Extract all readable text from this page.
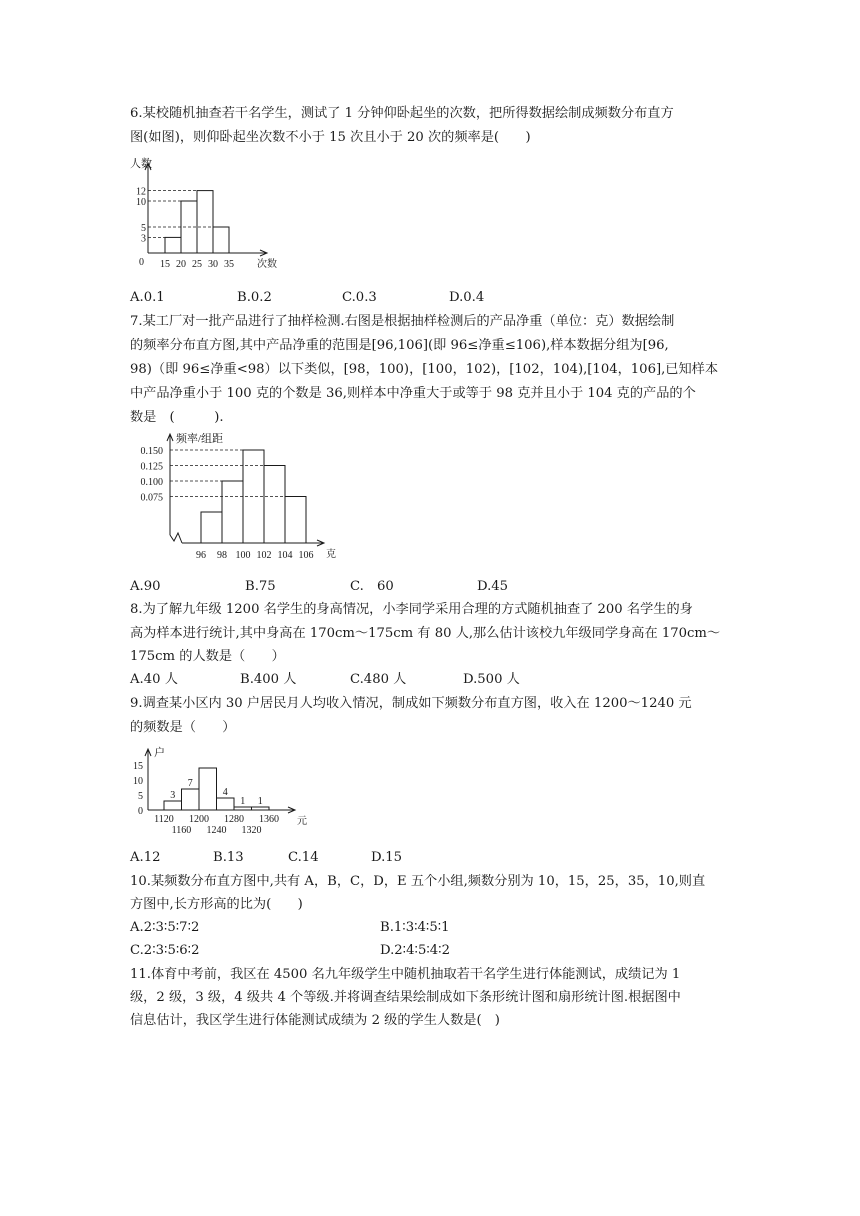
6.某校随机抽查若干名学生，测试了 1 分钟仰卧起坐的次数，把所得数据绘制成频数分布直方
图(如图)，则仰卧起坐次数不小于 15 次且小于 20 次的频率是(　　)
人数
次数
0
3
5
10
12
15 20 25 30 35
A.0.1	B.0.2	C.0.3	D.0.4
7.某工厂对一批产品进行了抽样检测.右图是根据抽样检测后的产品净重（单位：克）数据绘制
的频率分布直方图,其中产品净重的范围是[96,106](即 96≤净重≤106),样本数据分组为[96,
98)（即 96≤净重<98）以下类似，[98，100)，[100，102)，[102，104),[104，106],已知样本
中产品净重小于 100 克的个数是 36,则样本中净重大于或等于 98 克并且小于 104 克的产品的个
数是　(　　　).
频率/组距
克
0.075
0.100
0.125
0.150
96 98 100 102 104 106
A.90	B.75	C.　60	D.45
8.为了解九年级 1200 名学生的身高情况，小李同学采用合理的方式随机抽查了 200 名学生的身
高为样本进行统计,其中身高在 170cm～175cm 有 80 人,那么估计该校九年级同学身高在 170cm～
175cm 的人数是（　　）
A.40 人	B.400 人	C.480 人	D.500 人
9.调查某小区内 30 户居民月人均收入情况，制成如下频数分布直方图，收入在 1200～1240 元
的频数是（　　）
户
元
0
5
10
15
3
7
4
1 1
1120
1160
1200
1240
1280
1320
1360
A.12	B.13	C.14	D.15
10.某频数分布直方图中,共有 A，B，C，D，E 五个小组,频数分别为 10，15，25，35，10,则直
方图中,长方形高的比为(　　)
A.2∶3∶5∶7∶2	B.1∶3∶4∶5∶1
C.2∶3∶5∶6∶2	D.2∶4∶5∶4∶2
11.体育中考前，我区在 4500 名九年级学生中随机抽取若干名学生进行体能测试，成绩记为 1
级，2 级，3 级，4 级共 4 个等级.并将调查结果绘制成如下条形统计图和扇形统计图.根据图中
信息估计，我区学生进行体能测试成绩为 2 级的学生人数是(　)
